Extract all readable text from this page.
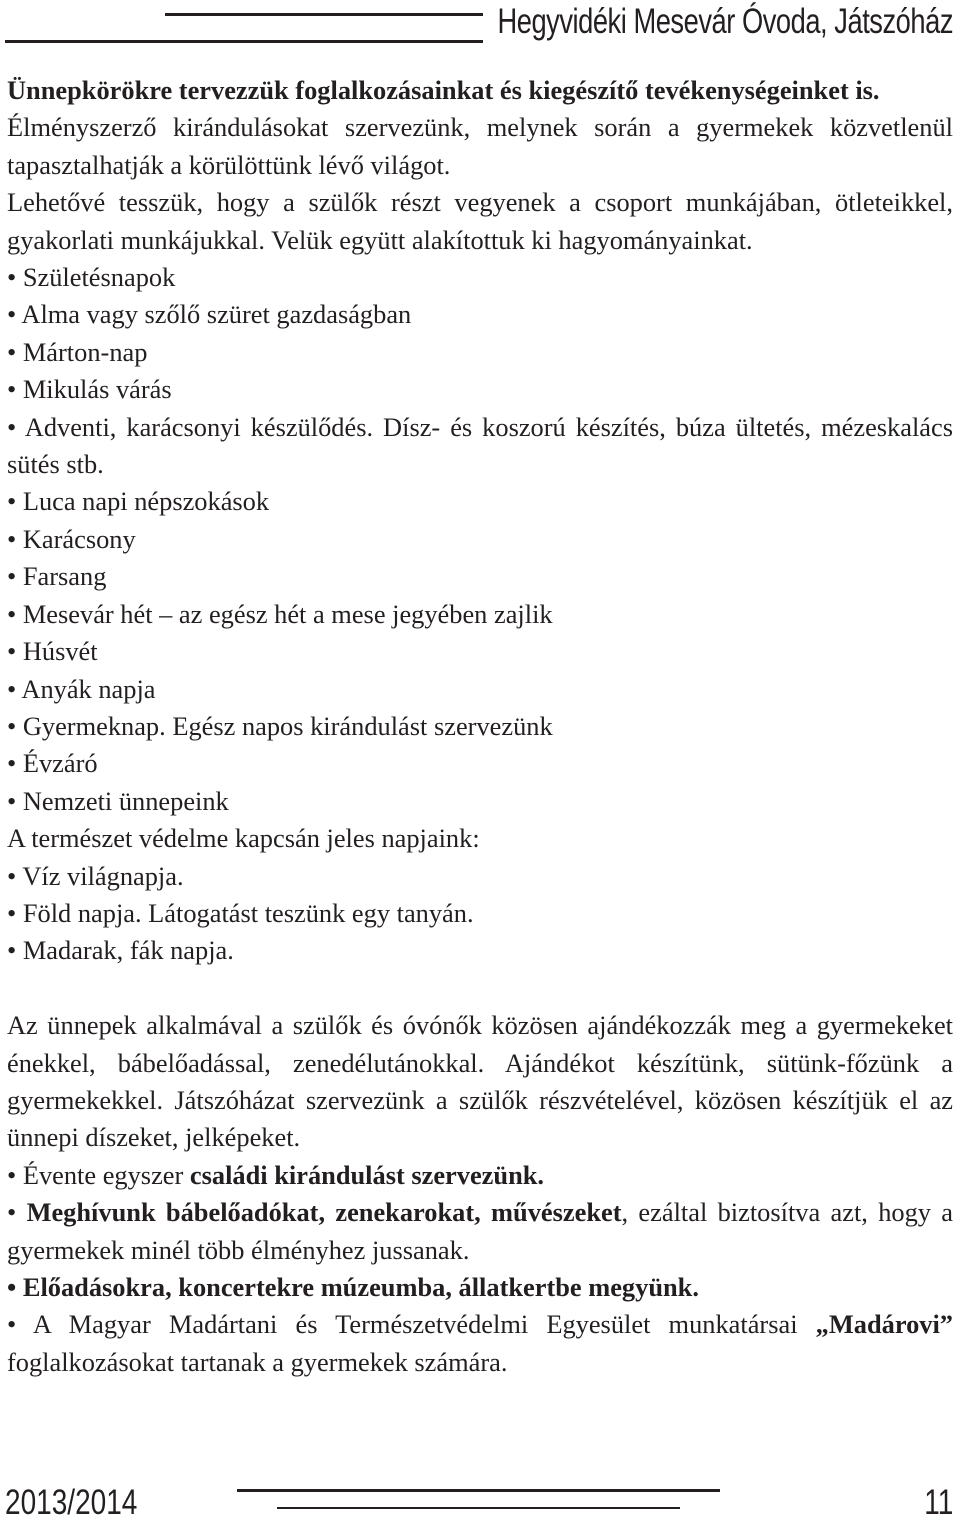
Hegyvidéki Mesevár Óvoda, Játszóház

Ünnepkörökre tervezzük foglalkozásainkat és kiegészítő tevékenységeinket is.

Élményszerző kirándulásokat szervezünk, melynek során a gyermekek közvetlenül tapasztalhatják a körülöttünk lévő világot.

Lehetővé tesszük, hogy a szülők részt vegyenek a csoport munkájában, ötleteikkel, gyakorlati munkájukkal. Velük együtt alakítottuk ki hagyományainkat.

• Születésnapok

• Alma vagy szőlő szüret gazdaságban

• Márton-nap

• Mikulás várás

• Adventi, karácsonyi készülődés. Dísz- és koszorú készítés, búza ültetés, mézeskalács sütés stb.

• Luca napi népszokások

• Karácsony

• Farsang

• Mesevár hét – az egész hét a mese jegyében zajlik

• Húsvét

• Anyák napja

• Gyermeknap. Egész napos kirándulást szervezünk

• Évzáró

• Nemzeti ünnepeink

A természet védelme kapcsán jeles napjaink:

• Víz világnapja.

• Föld napja. Látogatást teszünk egy tanyán.

• Madarak, fák napja.

Az ünnepek alkalmával a szülők és óvónők közösen ajándékozzák meg a gyermekeket énekkel, bábelőadással, zenedélutánokkal. Ajándékot készítünk, sütünk-főzünk a gyermekekkel. Játszóházat szervezünk a szülők részvételével, közösen készítjük el az ünnepi díszeket, jelképeket.

• Évente egyszer családi kirándulást szervezünk.

• Meghívunk bábelőadókat, zenekarokat, művészeket, ezáltal biztosítva azt, hogy a gyermekek minél több élményhez jussanak.

• Előadásokra, koncertekre múzeumba, állatkertbe megyünk.

• A Magyar Madártani és Természetvédelmi Egyesület munkatársai „Madárovi” foglalkozásokat tartanak a gyermekek számára.

2013/2014	11
